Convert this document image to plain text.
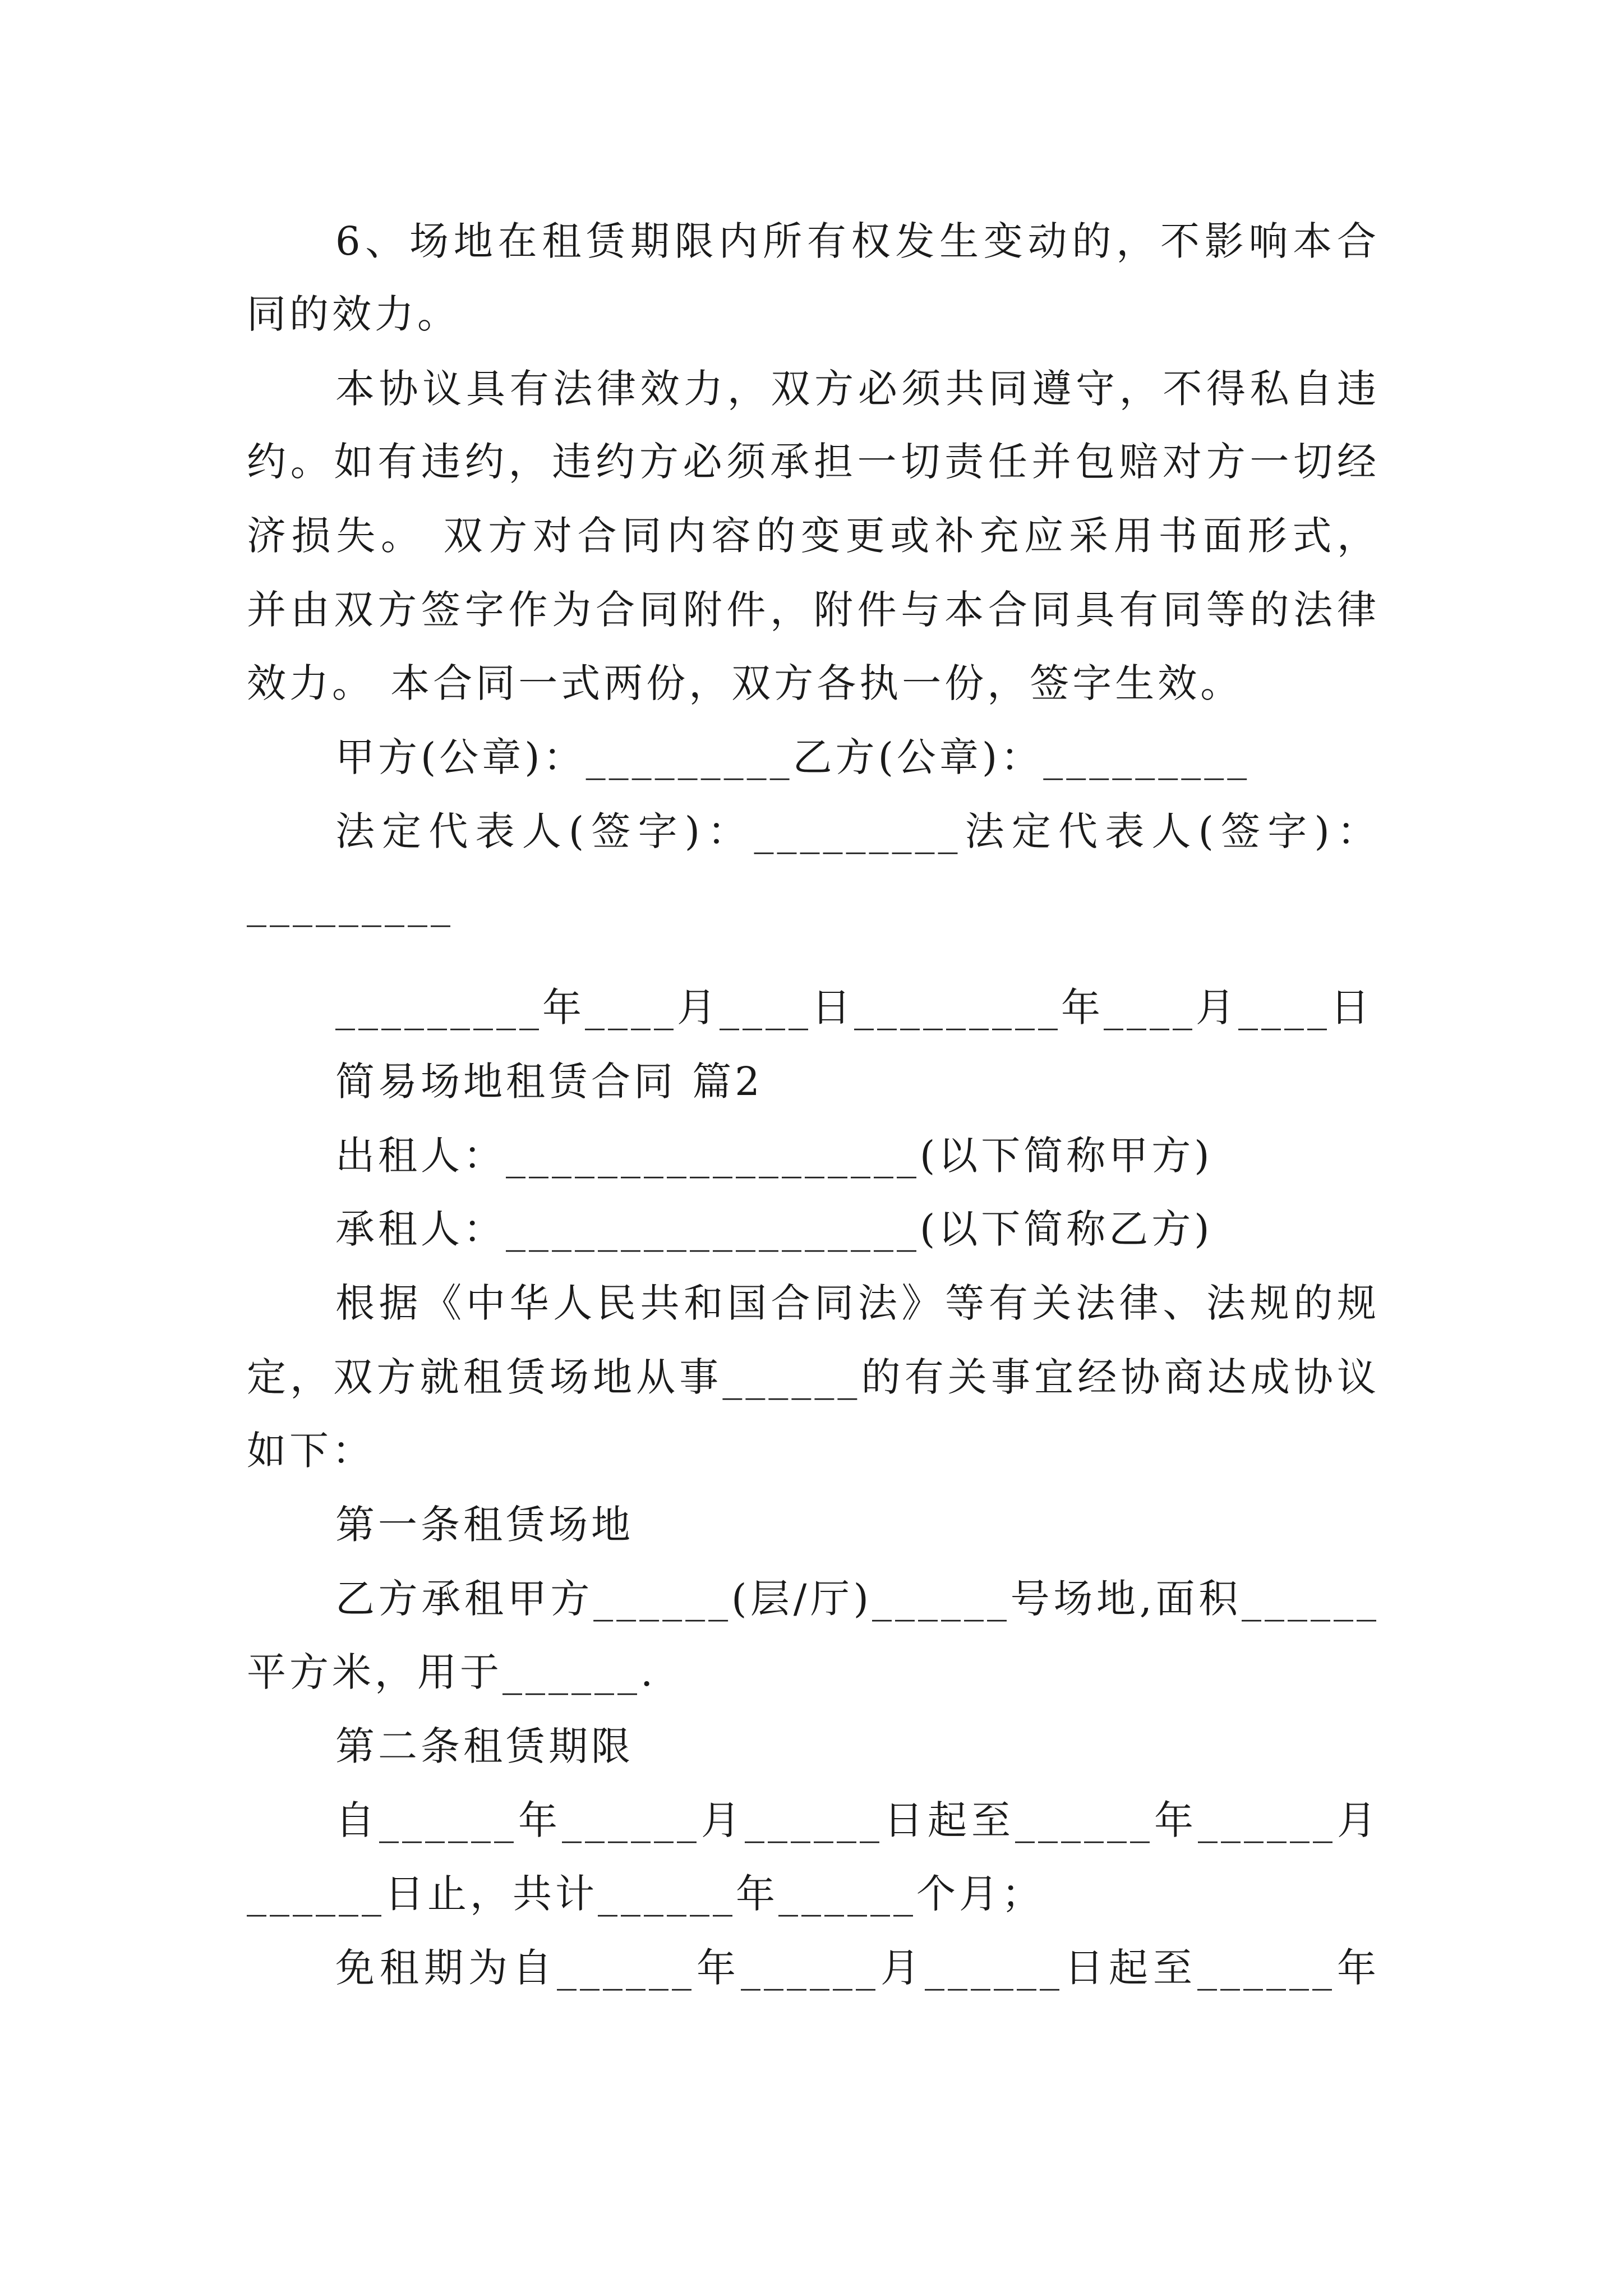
6、场地在租赁期限内所有权发生变动的，不影响本合
同的效力。
本协议具有法律效力，双方必须共同遵守，不得私自违
约。如有违约，违约方必须承担一切责任并包赔对方一切经
济损失。 双方对合同内容的变更或补充应采用书面形式，
并由双方签字作为合同附件，附件与本合同具有同等的法律
效力。 本合同一式两份，双方各执一份，签字生效。
甲方(公章)：_________乙方(公章)：_________
法定代表人(签字)：_________法定代表人(签字)：
_________
_________年____月____日_________年____月____日
简易场地租赁合同 篇2
出租人：__________________(以下简称甲方)
承租人：__________________(以下简称乙方)
根据《中华人民共和国合同法》等有关法律、法规的规
定，双方就租赁场地从事______的有关事宜经协商达成协议
如下：
第一条租赁场地
乙方承租甲方______(层/厅)______号场地,面积______
平方米，用于______.
第二条租赁期限
自______年______月______日起至______年______月
______日止，共计______年______个月；
免租期为自______年______月______日起至______年
